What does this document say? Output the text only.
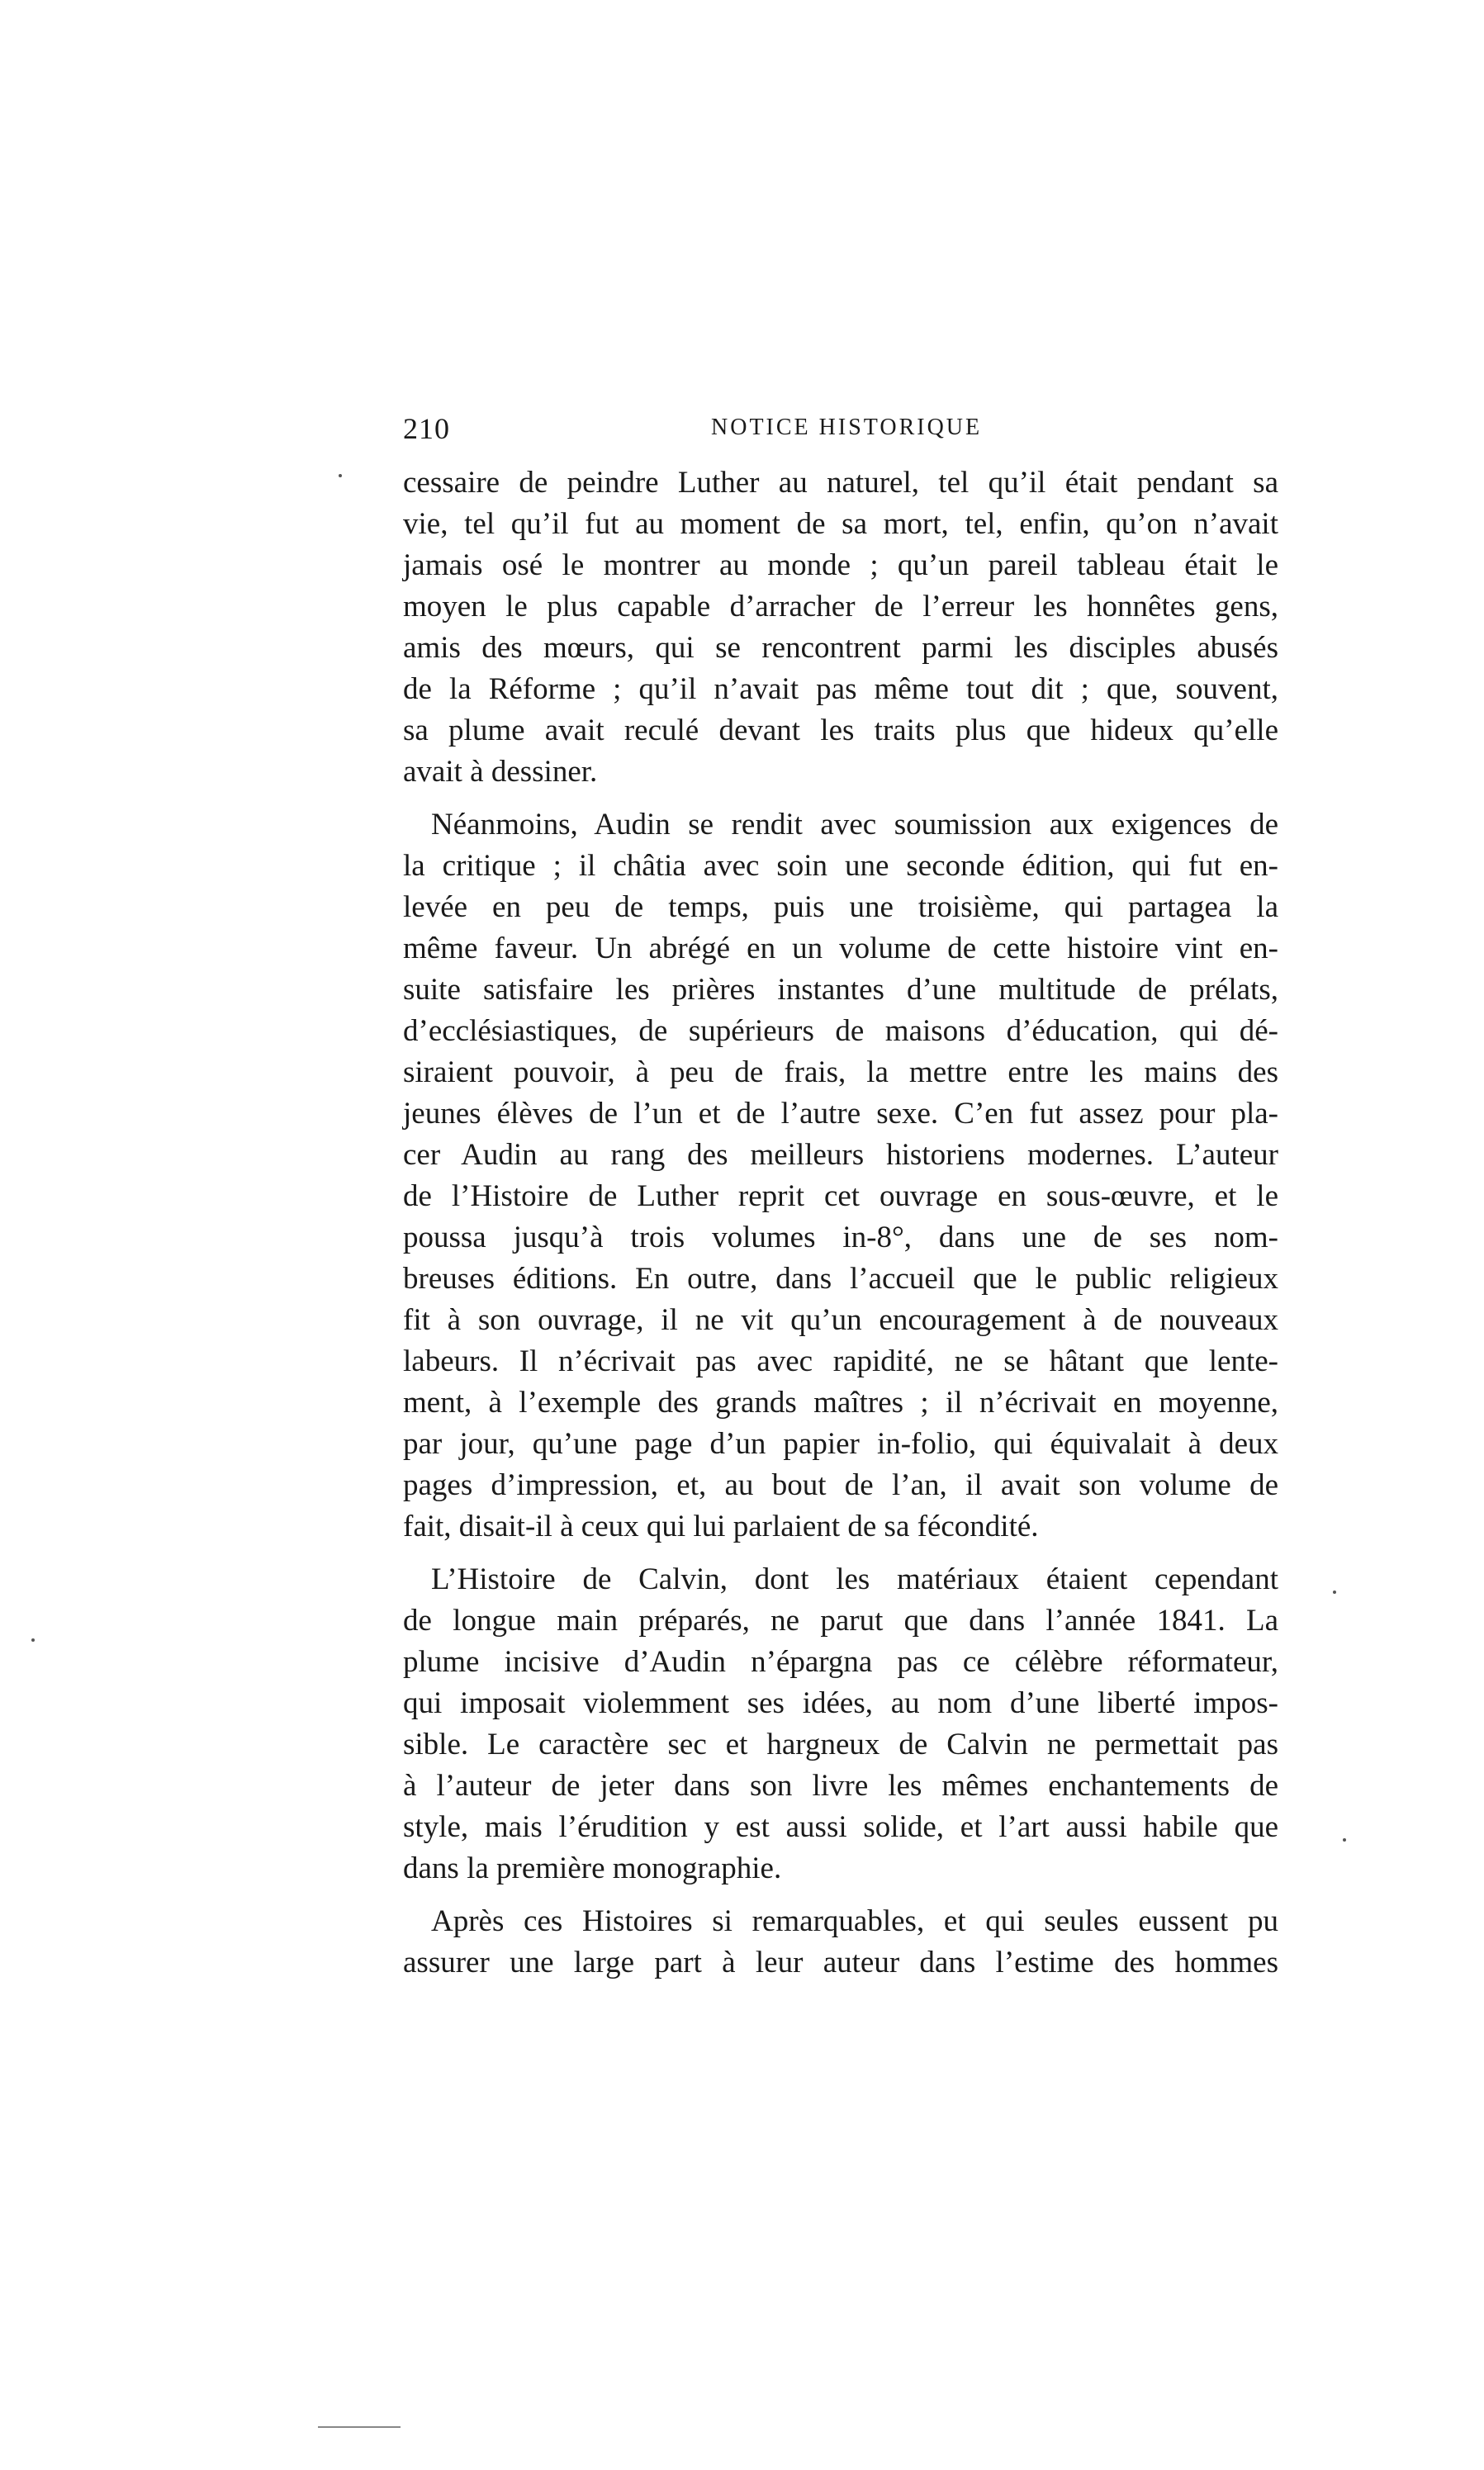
210	NOTICE HISTORIQUE

cessaire de peindre Luther au naturel, tel qu’il était pendant sa
vie, tel qu’il fut au moment de sa mort, tel, enfin, qu’on n’avait
jamais osé le montrer au monde ; qu’un pareil tableau était le
moyen le plus capable d’arracher de l’erreur les honnêtes gens,
amis des mœurs, qui se rencontrent parmi les disciples abusés
de la Réforme ; qu’il n’avait pas même tout dit ; que, souvent,
sa plume avait reculé devant les traits plus que hideux qu’elle
avait à dessiner.

Néanmoins, Audin se rendit avec soumission aux exigences de
la critique ; il châtia avec soin une seconde édition, qui fut en-
levée en peu de temps, puis une troisième, qui partagea la
même faveur. Un abrégé en un volume de cette histoire vint en-
suite satisfaire les prières instantes d’une multitude de prélats,
d’ecclésiastiques, de supérieurs de maisons d’éducation, qui dé-
siraient pouvoir, à peu de frais, la mettre entre les mains des
jeunes élèves de l’un et de l’autre sexe. C’en fut assez pour pla-
cer Audin au rang des meilleurs historiens modernes. L’auteur
de l’Histoire de Luther reprit cet ouvrage en sous-œuvre, et le
poussa jusqu’à trois volumes in-8°, dans une de ses nom-
breuses éditions. En outre, dans l’accueil que le public religieux
fit à son ouvrage, il ne vit qu’un encouragement à de nouveaux
labeurs. Il n’écrivait pas avec rapidité, ne se hâtant que lente-
ment, à l’exemple des grands maîtres ; il n’écrivait en moyenne,
par jour, qu’une page d’un papier in-folio, qui équivalait à deux
pages d’impression, et, au bout de l’an, il avait son volume de
fait, disait-il à ceux qui lui parlaient de sa fécondité.

L’Histoire de Calvin, dont les matériaux étaient cependant
de longue main préparés, ne parut que dans l’année 1841. La
plume incisive d’Audin n’épargna pas ce célèbre réformateur,
qui imposait violemment ses idées, au nom d’une liberté impos-
sible. Le caractère sec et hargneux de Calvin ne permettait pas
à l’auteur de jeter dans son livre les mêmes enchantements de
style, mais l’érudition y est aussi solide, et l’art aussi habile que
dans la première monographie.

Après ces Histoires si remarquables, et qui seules eussent pu
assurer une large part à leur auteur dans l’estime des hommes
